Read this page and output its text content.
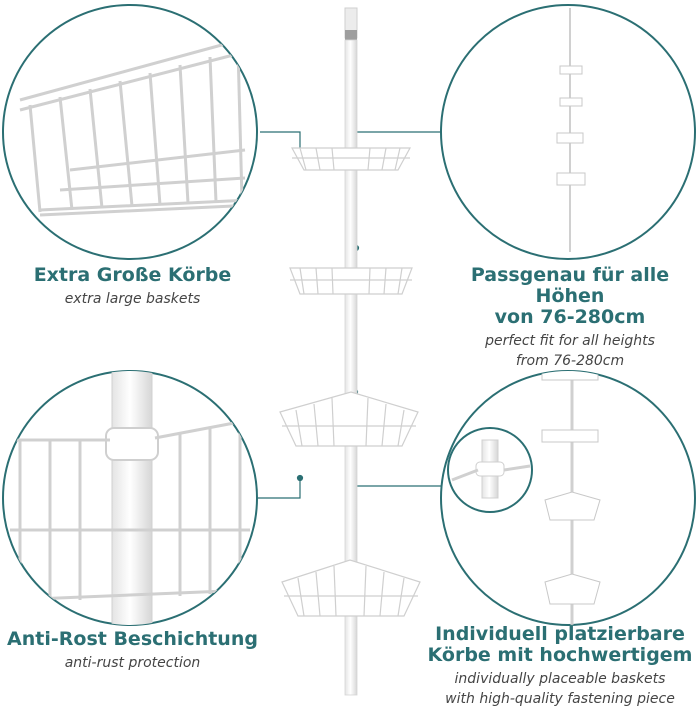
Extra Große Körbe
extra large baskets
Passgenau für alle Höhen
von 76-280cm
perfect fit for all heights
from 76-280cm
Anti-Rost Beschichtung
anti-rust protection
Individuell platzierbare
Körbe mit hochwertigem
individually placeable baskets
with high-quality fastening piece
